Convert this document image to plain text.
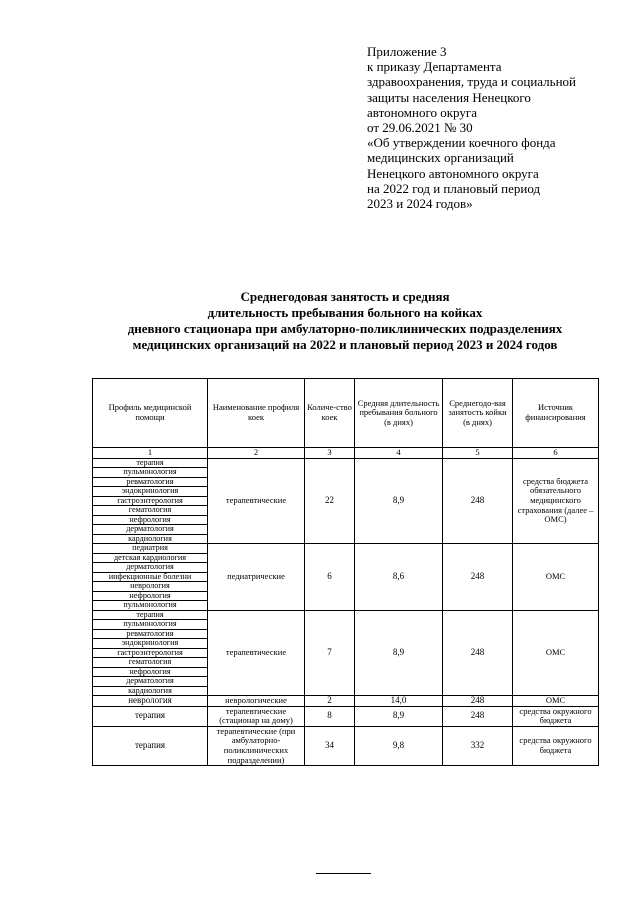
Приложение 3
к приказу Департамента
здравоохранения, труда и социальной
защиты населения Ненецкого
автономного округа
от 29.06.2021 № 30
«Об утверждении коечного фонда
медицинских организаций
Ненецкого автономного округа
на 2022 год и плановый период
2023 и 2024 годов»
Среднегодовая занятость и средняя
длительность пребывания больного на койках
дневного стационара при амбулаторно-поликлинических подразделениях
медицинских организаций на 2022 и плановый период 2023 и 2024 годов
Профиль медицинской помощи	Наименование профиля коек	Количе-ство коек	Средняя длительность пребывания больного (в днях)	Среднегодо-вая занятость койки (в днях)	Источник финансирования
1	2	3	4	5	6
терапия	терапевтические	22	8,9	248	средства бюджета обязательного медицинского страхования (далее – ОМС)
пульмонология					
ревматология					
эндокринология					
гастроэнтерология					
гематология					
нефрология					
дерматология					
кардиология					
педиатрия	педиатрические	6	8,6	248	ОМС
детская кардиология					
дерматология					
инфекционные болезни					
неврология					
нефрология					
пульмонология					
терапия	терапевтические	7	8,9	248	ОМС
пульмонология					
ревматология					
эндокринология					
гастроэнтерология					
гематология					
нефрология					
дерматология					
кардиология					
неврология	неврологические	2	14,0	248	ОМС
терапия	терапевтические (стационар на дому)	8	8,9	248	средства окружного бюджета
терапия	терапевтические (при амбулаторно-поликлинических подразделении)	34	9,8	332	средства окружного бюджета
